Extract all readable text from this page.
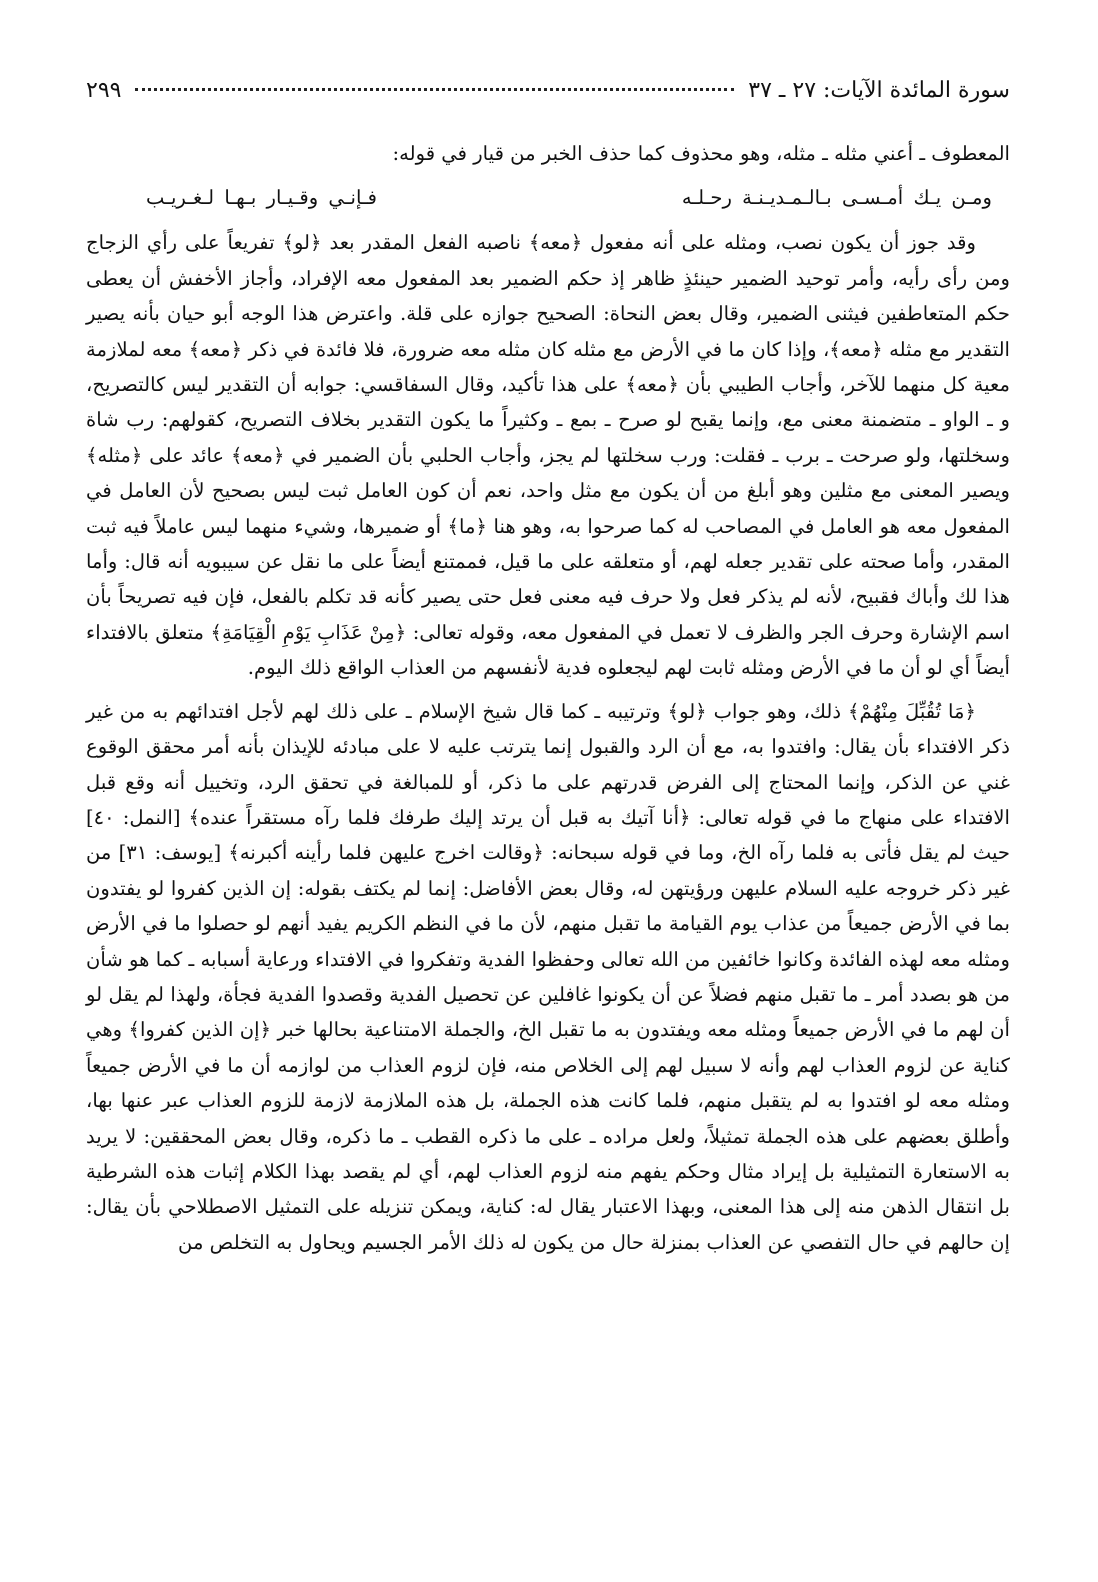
سورة المائدة الآيات: ٢٧ ـ ٣٧
٢٩٩

المعطوف ـ أعني مثله ـ مثله، وهو محذوف كما حذف الخبر من قيار في قوله:

ومـن يـك أمـسـى بـالـمـديـنـة رحـلـه
فـإنـي وقـيـار بـهـا لـغـريـب

وقد جوز أن يكون نصب، ومثله على أنه مفعول ﴿معه﴾ ناصبه الفعل المقدر بعد ﴿لو﴾ تفريعاً على رأي الزجاج ومن رأى رأيه، وأمر توحيد الضمير حينئذٍ ظاهر إذ حكم الضمير بعد المفعول معه الإفراد، وأجاز الأخفش أن يعطى حكم المتعاطفين فيثنى الضمير، وقال بعض النحاة: الصحيح جوازه على قلة. واعترض هذا الوجه أبو حيان بأنه يصير التقدير مع مثله ﴿معه﴾، وإذا كان ما في الأرض مع مثله كان مثله معه ضرورة، فلا فائدة في ذكر ﴿معه﴾ معه لملازمة معية كل منهما للآخر، وأجاب الطيبي بأن ﴿معه﴾ على هذا تأكيد، وقال السفاقسي: جوابه أن التقدير ليس كالتصريح، و ـ الواو ـ متضمنة معنى مع، وإنما يقبح لو صرح ـ بمع ـ وكثيراً ما يكون التقدير بخلاف التصريح، كقولهم: رب شاة وسخلتها، ولو صرحت ـ برب ـ فقلت: ورب سخلتها لم يجز، وأجاب الحلبي بأن الضمير في ﴿معه﴾ عائد على ﴿مثله﴾ ويصير المعنى مع مثلين وهو أبلغ من أن يكون مع مثل واحد، نعم أن كون العامل ثبت ليس بصحيح لأن العامل في المفعول معه هو العامل في المصاحب له كما صرحوا به، وهو هنا ﴿ما﴾ أو ضميرها، وشيء منهما ليس عاملاً فيه ثبت المقدر، وأما صحته على تقدير جعله لهم، أو متعلقه على ما قيل، فممتنع أيضاً على ما نقل عن سيبويه أنه قال: وأما هذا لك وأباك فقبيح، لأنه لم يذكر فعل ولا حرف فيه معنى فعل حتى يصير كأنه قد تكلم بالفعل، فإن فيه تصريحاً بأن اسم الإشارة وحرف الجر والظرف لا تعمل في المفعول معه، وقوله تعالى: ﴿مِنْ عَذَابِ يَوْمِ الْقِيَامَةِ﴾ متعلق بالافتداء أيضاً أي لو أن ما في الأرض ومثله ثابت لهم ليجعلوه فدية لأنفسهم من العذاب الواقع ذلك اليوم.

﴿مَا تُقُبِّلَ مِنْهُمْ﴾ ذلك، وهو جواب ﴿لو﴾ وترتيبه ـ كما قال شيخ الإسلام ـ على ذلك لهم لأجل افتدائهم به من غير ذكر الافتداء بأن يقال: وافتدوا به، مع أن الرد والقبول إنما يترتب عليه لا على مبادئه للإيذان بأنه أمر محقق الوقوع غني عن الذكر، وإنما المحتاج إلى الفرض قدرتهم على ما ذكر، أو للمبالغة في تحقق الرد، وتخييل أنه وقع قبل الافتداء على منهاج ما في قوله تعالى: ﴿أنا آتيك به قبل أن يرتد إليك طرفك فلما رآه مستقراً عنده﴾ [النمل: ٤٠] حيث لم يقل فأتى به فلما رآه الخ، وما في قوله سبحانه: ﴿وقالت اخرج عليهن فلما رأينه أكبرنه﴾ [يوسف: ٣١] من غير ذكر خروجه عليه السلام عليهن ورؤيتهن له، وقال بعض الأفاضل: إنما لم يكتف بقوله: إن الذين كفروا لو يفتدون بما في الأرض جميعاً من عذاب يوم القيامة ما تقبل منهم، لأن ما في النظم الكريم يفيد أنهم لو حصلوا ما في الأرض ومثله معه لهذه الفائدة وكانوا خائفين من الله تعالى وحفظوا الفدية وتفكروا في الافتداء ورعاية أسبابه ـ كما هو شأن من هو بصدد أمر ـ ما تقبل منهم فضلاً عن أن يكونوا غافلين عن تحصيل الفدية وقصدوا الفدية فجأة، ولهذا لم يقل لو أن لهم ما في الأرض جميعاً ومثله معه ويفتدون به ما تقبل الخ، والجملة الامتناعية بحالها خبر ﴿إن الذين كفروا﴾ وهي كناية عن لزوم العذاب لهم وأنه لا سبيل لهم إلى الخلاص منه، فإن لزوم العذاب من لوازمه أن ما في الأرض جميعاً ومثله معه لو افتدوا به لم يتقبل منهم، فلما كانت هذه الجملة، بل هذه الملازمة لازمة للزوم العذاب عبر عنها بها، وأطلق بعضهم على هذه الجملة تمثيلاً، ولعل مراده ـ على ما ذكره القطب ـ ما ذكره، وقال بعض المحققين: لا يريد به الاستعارة التمثيلية بل إيراد مثال وحكم يفهم منه لزوم العذاب لهم، أي لم يقصد بهذا الكلام إثبات هذه الشرطية بل انتقال الذهن منه إلى هذا المعنى، وبهذا الاعتبار يقال له: كناية، ويمكن تنزيله على التمثيل الاصطلاحي بأن يقال: إن حالهم في حال التفصي عن العذاب بمنزلة حال من يكون له ذلك الأمر الجسيم ويحاول به التخلص من
